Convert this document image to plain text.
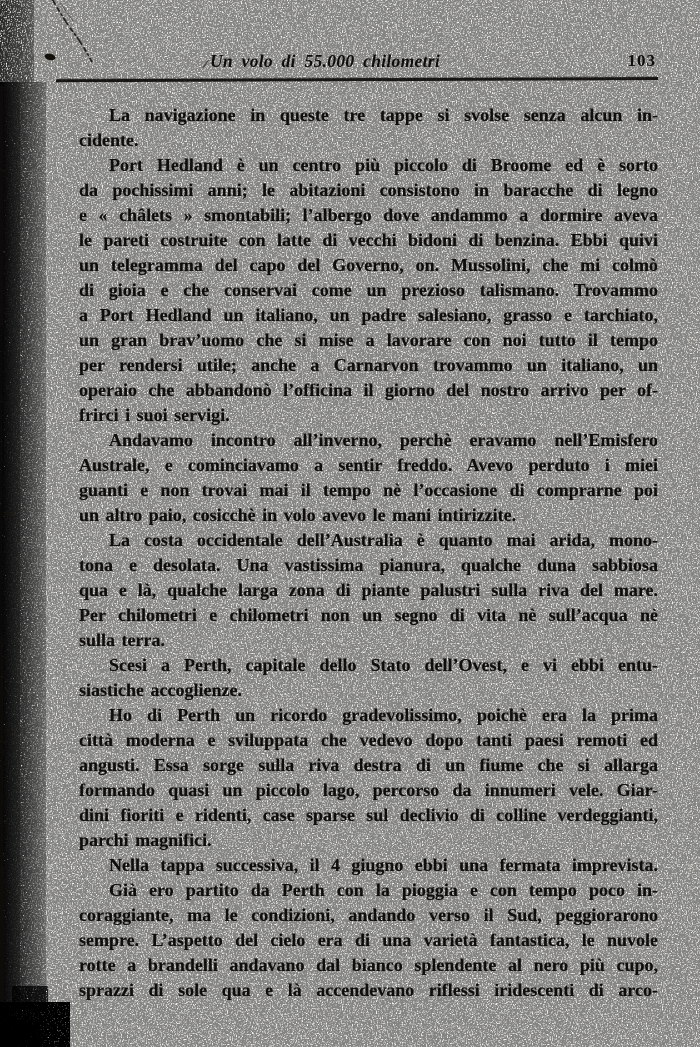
Un volo di 55.000 chilometri	103
La navigazione in queste tre tappe si svolse senza alcun in-
cidente.
Port Hedland è un centro più piccolo di Broome ed è sorto
da pochissimi anni; le abitazioni consistono in baracche di legno
e « châlets » smontabili; l’albergo dove andammo a dormire aveva
le pareti costruite con latte di vecchi bidoni di benzina. Ebbi quivi
un telegramma del capo del Governo, on. Mussolini, che mi colmò
di gioia e che conservai come un prezioso talismano. Trovammo
a Port Hedland un italiano, un padre salesiano, grasso e tarchiato,
un gran brav’uomo che si mise a lavorare con noi tutto il tempo
per rendersi utile; anche a Carnarvon trovammo un italiano, un
operaio che abbandonò l’officina il giorno del nostro arrivo per of-
frirci i suoi servigi.
Andavamo incontro all’inverno, perchè eravamo nell’Emisfero
Australe, e cominciavamo a sentir freddo. Avevo perduto i miei
guanti e non trovai mai il tempo nè l’occasione di comprarne poi
un altro paio, cosicchè in volo avevo le mani intirizzite.
La costa occidentale dell’Australia è quanto mai arida, mono-
tona e desolata. Una vastissima pianura, qualche duna sabbiosa
qua e là, qualche larga zona di piante palustri sulla riva del mare.
Per chilometri e chilometri non un segno di vita nè sull’acqua nè
sulla terra.
Scesi a Perth, capitale dello Stato dell’Ovest, e vi ebbi entu-
siastiche accoglienze.
Ho di Perth un ricordo gradevolissimo, poichè era la prima
città moderna e sviluppata che vedevo dopo tanti paesi remoti ed
angusti. Essa sorge sulla riva destra di un fiume che si allarga
formando quasi un piccolo lago, percorso da innumeri vele. Giar-
dini fioriti e ridenti, case sparse sul declivio di colline verdeggianti,
parchi magnifici.
Nella tappa successiva, il 4 giugno ebbi una fermata imprevista.
Già ero partito da Perth con la pioggia e con tempo poco in-
coraggiante, ma le condizioni, andando verso il Sud, peggiorarono
sempre. L’aspetto del cielo era di una varietà fantastica, le nuvole
rotte a brandelli andavano dal bianco splendente al nero più cupo,
sprazzi di sole qua e là accendevano riflessi iridescenti di arco-
